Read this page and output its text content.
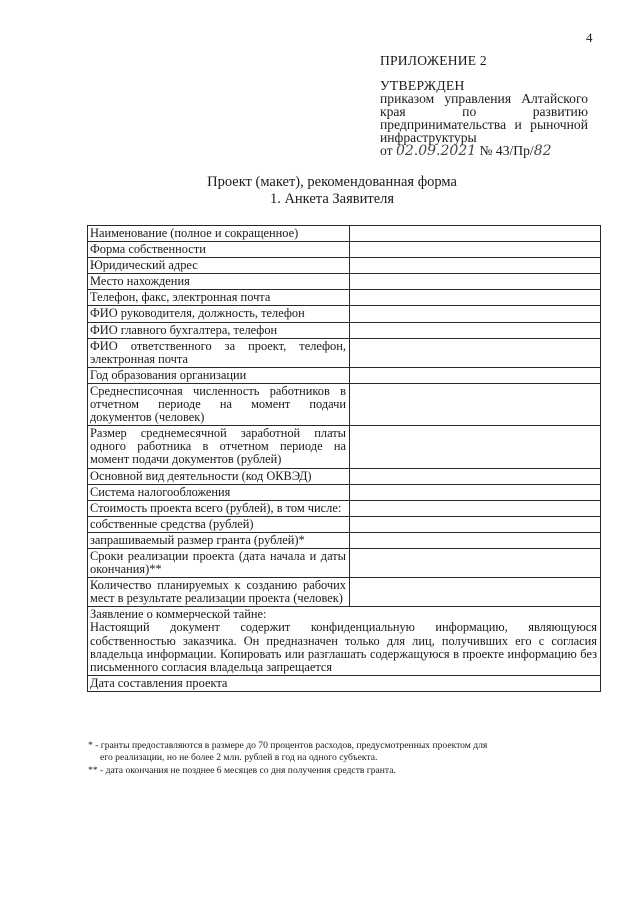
4
ПРИЛОЖЕНИЕ 2
УТВЕРЖДЕН
приказом управления Алтайского края по развитию предпринимательства и рыночной инфраструктуры
от 02.09.2021 № 43/Пр/82
Проект (макет), рекомендованная форма
1. Анкета Заявителя
Наименование (полное и сокращенное)	
Форма собственности	
Юридический адрес	
Место нахождения	
Телефон, факс, электронная почта	
ФИО руководителя, должность, телефон	
ФИО главного бухгалтера, телефон	
ФИО ответственного за проект, телефон, электронная почта	
Год образования организации	
Среднесписочная численность работников в отчетном периоде на момент подачи документов (человек)	
Размер среднемесячной заработной платы одного работника в отчетном периоде на момент подачи документов (рублей)	
Основной вид деятельности (код ОКВЭД)	
Система налогообложения	
Стоимость проекта всего (рублей), в том числе:	
собственные средства (рублей)	
запрашиваемый размер гранта (рублей)*	
Сроки реализации проекта (дата начала и даты окончания)**	
Количество планируемых к созданию рабочих мест в результате реализации проекта (человек)	

Заявление о коммерческой тайне:
Настоящий документ содержит конфиденциальную информацию, являющуюся собственностью заказчика. Он предназначен только для лиц, получивших его с согласия владельца информации. Копировать или разглашать содержащуюся в проекте информацию без письменного согласия владельца запрещается	

Дата составления проекта	
* - гранты предоставляются в размере до 70 процентов расходов, предусмотренных проектом для
его реализации, но не более 2 млн. рублей в год на одного субъекта.
** - дата окончания не позднее 6 месяцев со дня получения средств гранта.
